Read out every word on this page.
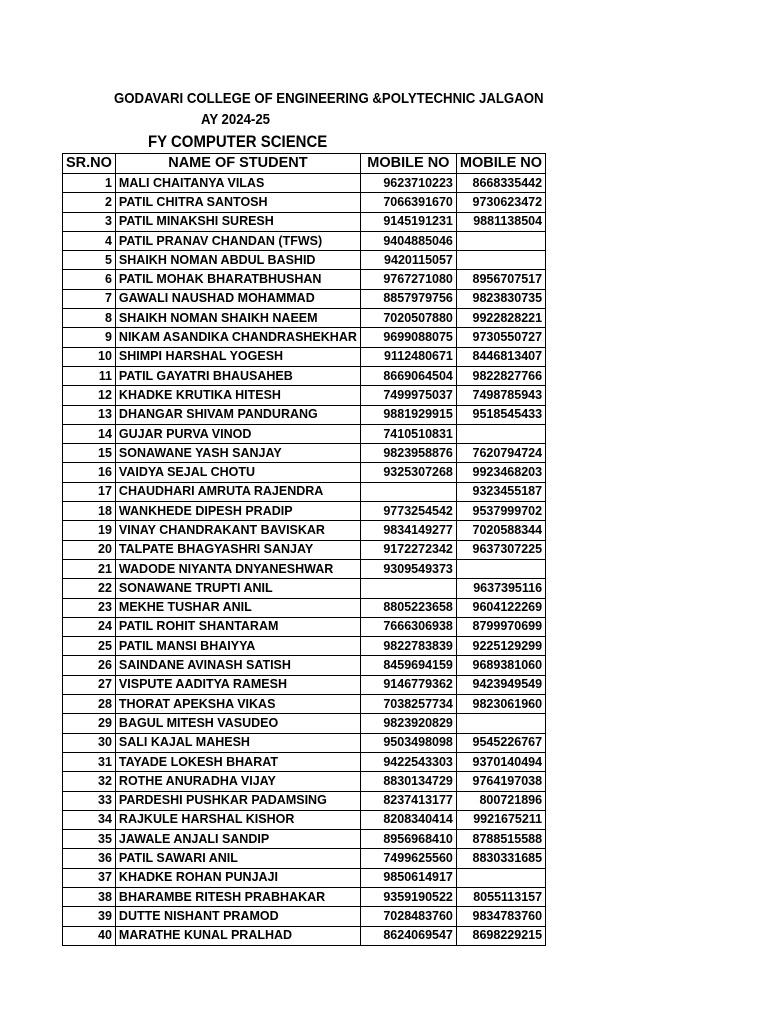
GODAVARI COLLEGE OF ENGINEERING &POLYTECHNIC JALGAON
AY 2024-25
FY COMPUTER SCIENCE
SR.NO	NAME OF STUDENT	MOBILE NO	MOBILE NO
1	MALI CHAITANYA VILAS	9623710223	8668335442
2	PATIL CHITRA SANTOSH	7066391670	9730623472
3	PATIL MINAKSHI SURESH	9145191231	9881138504
4	PATIL PRANAV CHANDAN (TFWS)	9404885046	
5	SHAIKH NOMAN ABDUL BASHID	9420115057	
6	PATIL MOHAK BHARATBHUSHAN	9767271080	8956707517
7	GAWALI NAUSHAD MOHAMMAD	8857979756	9823830735
8	SHAIKH NOMAN SHAIKH NAEEM	7020507880	9922828221
9	NIKAM ASANDIKA CHANDRASHEKHAR	9699088075	9730550727
10	SHIMPI HARSHAL YOGESH	9112480671	8446813407
11	PATIL GAYATRI BHAUSAHEB	8669064504	9822827766
12	KHADKE KRUTIKA HITESH	7499975037	7498785943
13	DHANGAR SHIVAM PANDURANG	9881929915	9518545433
14	GUJAR PURVA VINOD	7410510831	
15	SONAWANE YASH SANJAY	9823958876	7620794724
16	VAIDYA SEJAL CHOTU	9325307268	9923468203
17	CHAUDHARI AMRUTA RAJENDRA		9323455187
18	WANKHEDE DIPESH PRADIP	9773254542	9537999702
19	VINAY CHANDRAKANT BAVISKAR	9834149277	7020588344
20	TALPATE BHAGYASHRI SANJAY	9172272342	9637307225
21	WADODE NIYANTA DNYANESHWAR	9309549373	
22	SONAWANE TRUPTI ANIL		9637395116
23	MEKHE TUSHAR ANIL	8805223658	9604122269
24	PATIL ROHIT SHANTARAM	7666306938	8799970699
25	PATIL MANSI BHAIYYA	9822783839	9225129299
26	SAINDANE AVINASH SATISH	8459694159	9689381060
27	VISPUTE AADITYA RAMESH	9146779362	9423949549
28	THORAT APEKSHA VIKAS	7038257734	9823061960
29	BAGUL MITESH VASUDEO	9823920829	
30	SALI KAJAL MAHESH	9503498098	9545226767
31	TAYADE LOKESH BHARAT	9422543303	9370140494
32	ROTHE ANURADHA VIJAY	8830134729	9764197038
33	PARDESHI PUSHKAR PADAMSING	8237413177	800721896
34	RAJKULE HARSHAL KISHOR	8208340414	9921675211
35	JAWALE ANJALI SANDIP	8956968410	8788515588
36	PATIL SAWARI ANIL	7499625560	8830331685
37	KHADKE ROHAN PUNJAJI	9850614917	
38	BHARAMBE RITESH PRABHAKAR	9359190522	8055113157
39	DUTTE NISHANT PRAMOD	7028483760	9834783760
40	MARATHE KUNAL PRALHAD	8624069547	8698229215
